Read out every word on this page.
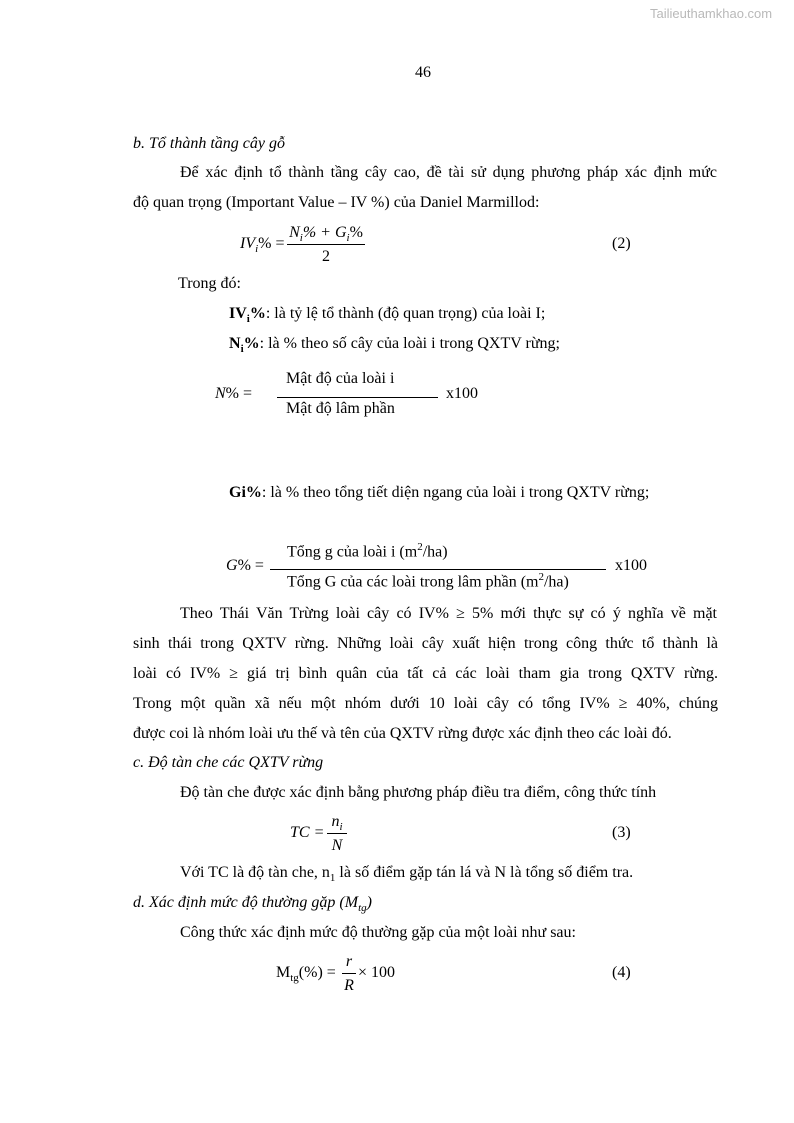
Tailieuthamkhao.com
46
b. Tổ thành tầng cây gỗ
Để xác định tổ thành tầng cây cao, đề tài sử dụng phương pháp xác định mức
độ quan trọng (Important Value – IV %) của Daniel Marmillod:
$IV_i\% = \frac{N_i\% + G_i\%}{2}$	(2)
Trong đó:
$IV_i\%$: là tỷ lệ tổ thành (độ quan trọng) của loài I;
$N_i\%$: là % theo số cây của loài i trong QXTV rừng;
N% =
Mật độ của loài i
Mật độ lâm phần
x100
Gi%: là % theo tổng tiết diện ngang của loài i trong QXTV rừng;
G% =
Tổng g của loài i $(m^2/ha)$
Tổng G của các loài trong lâm phần $(m^2/ha)$
x100
Theo Thái Văn Trừng loài cây có IV% ≥ 5% mới thực sự có ý nghĩa về mặt
sinh thái trong QXTV rừng. Những loài cây xuất hiện trong công thức tổ thành là
loài có IV% ≥ giá trị bình quân của tất cả các loài tham gia trong QXTV rừng.
Trong một quần xã nếu một nhóm dưới 10 loài cây có tổng IV% ≥ 40%, chúng
được coi là nhóm loài ưu thế và tên của QXTV rừng được xác định theo các loài đó.
c. Độ tàn che các QXTV rừng
Độ tàn che được xác định bằng phương pháp điều tra điểm, công thức tính
TC = $\frac{n_i}{N}$	(3)
Với TC là độ tàn che, $n_1$ là số điểm gặp tán lá và N là tổng số điểm tra.
d. Xác định mức độ thường gặp $(M_{tg})$
Công thức xác định mức độ thường gặp của một loài như sau:
$M_{tg}(\%) = \frac{r}{R} \times 100$	(4)
